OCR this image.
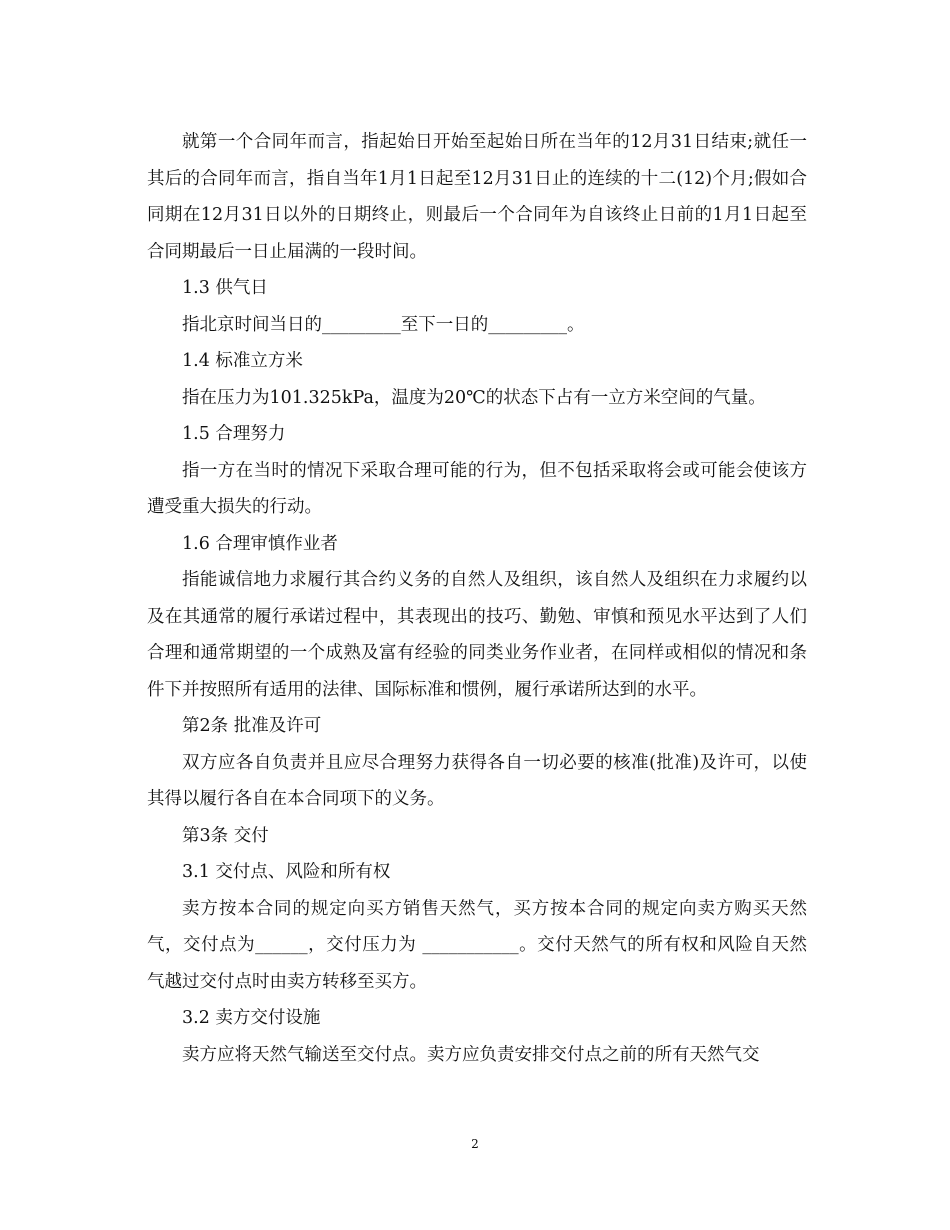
就第一个合同年而言，指起始日开始至起始日所在当年的12月31日结束;就任一其后的合同年而言，指自当年1月1日起至12月31日止的连续的十二(12)个月;假如合同期在12月31日以外的日期终止，则最后一个合同年为自该终止日前的1月1日起至合同期最后一日止届满的一段时间。

1.3 供气日

指北京时间当日的_________至下一日的_________。

1.4 标准立方米

指在压力为101.325kPa，温度为20℃的状态下占有一立方米空间的气量。

1.5 合理努力

指一方在当时的情况下采取合理可能的行为，但不包括采取将会或可能会使该方遭受重大损失的行动。

1.6 合理审慎作业者

指能诚信地力求履行其合约义务的自然人及组织，该自然人及组织在力求履约以及在其通常的履行承诺过程中，其表现出的技巧、勤勉、审慎和预见水平达到了人们合理和通常期望的一个成熟及富有经验的同类业务作业者，在同样或相似的情况和条件下并按照所有适用的法律、国际标准和惯例，履行承诺所达到的水平。

第2条 批准及许可

双方应各自负责并且应尽合理努力获得各自一切必要的核准(批准)及许可，以使其得以履行各自在本合同项下的义务。

第3条 交付

3.1 交付点、风险和所有权

卖方按本合同的规定向买方销售天然气，买方按本合同的规定向卖方购买天然气，交付点为______，交付压力为 ___________。交付天然气的所有权和风险自天然气越过交付点时由卖方转移至买方。

3.2 卖方交付设施

卖方应将天然气输送至交付点。卖方应负责安排交付点之前的所有天然气交

2
